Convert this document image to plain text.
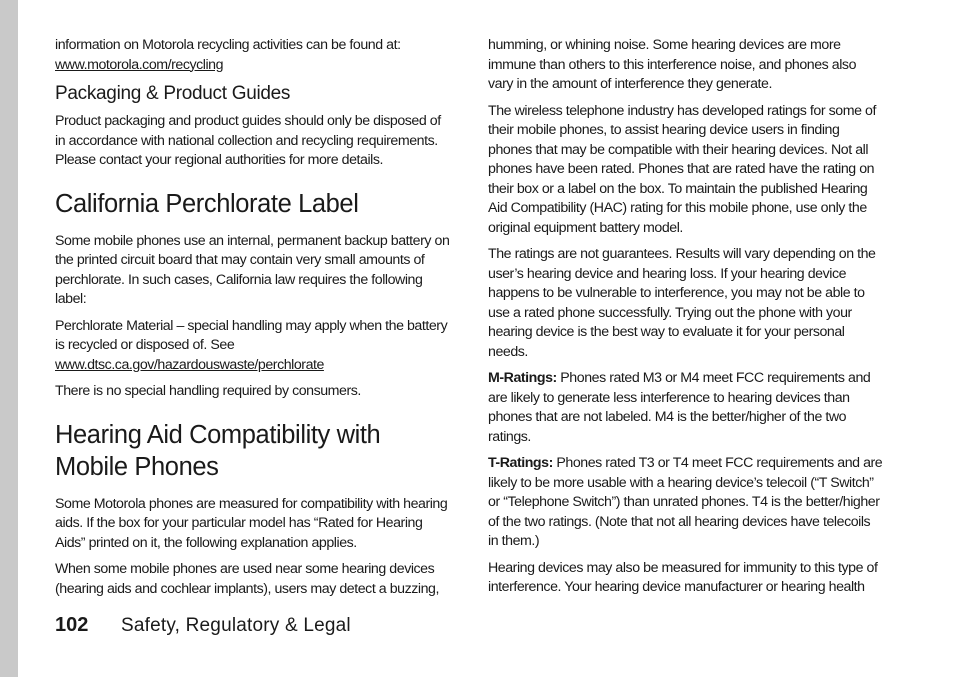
information on Motorola recycling activities can be found at:
www.motorola.com/recycling

Packaging & Product Guides

Product packaging and product guides should only be disposed of in accordance with national collection and recycling requirements. Please contact your regional authorities for more details.

California Perchlorate Label

Some mobile phones use an internal, permanent backup battery on the printed circuit board that may contain very small amounts of perchlorate. In such cases, California law requires the following label:

Perchlorate Material – special handling may apply when the battery is recycled or disposed of. See
www.dtsc.ca.gov/hazardouswaste/perchlorate

There is no special handling required by consumers.

Hearing Aid Compatibility with Mobile Phones

Some Motorola phones are measured for compatibility with hearing aids. If the box for your particular model has “Rated for Hearing Aids” printed on it, the following explanation applies.

When some mobile phones are used near some hearing devices (hearing aids and cochlear implants), users may detect a buzzing,

humming, or whining noise. Some hearing devices are more immune than others to this interference noise, and phones also vary in the amount of interference they generate.

The wireless telephone industry has developed ratings for some of their mobile phones, to assist hearing device users in finding phones that may be compatible with their hearing devices. Not all phones have been rated. Phones that are rated have the rating on their box or a label on the box. To maintain the published Hearing Aid Compatibility (HAC) rating for this mobile phone, use only the original equipment battery model.

The ratings are not guarantees. Results will vary depending on the user’s hearing device and hearing loss. If your hearing device happens to be vulnerable to interference, you may not be able to use a rated phone successfully. Trying out the phone with your hearing device is the best way to evaluate it for your personal needs.

M-Ratings: Phones rated M3 or M4 meet FCC requirements and are likely to generate less interference to hearing devices than phones that are not labeled. M4 is the better/higher of the two ratings.

T-Ratings: Phones rated T3 or T4 meet FCC requirements and are likely to be more usable with a hearing device’s telecoil (“T Switch” or “Telephone Switch”) than unrated phones. T4 is the better/higher of the two ratings. (Note that not all hearing devices have telecoils in them.)

Hearing devices may also be measured for immunity to this type of interference. Your hearing device manufacturer or hearing health

102	Safety, Regulatory & Legal
